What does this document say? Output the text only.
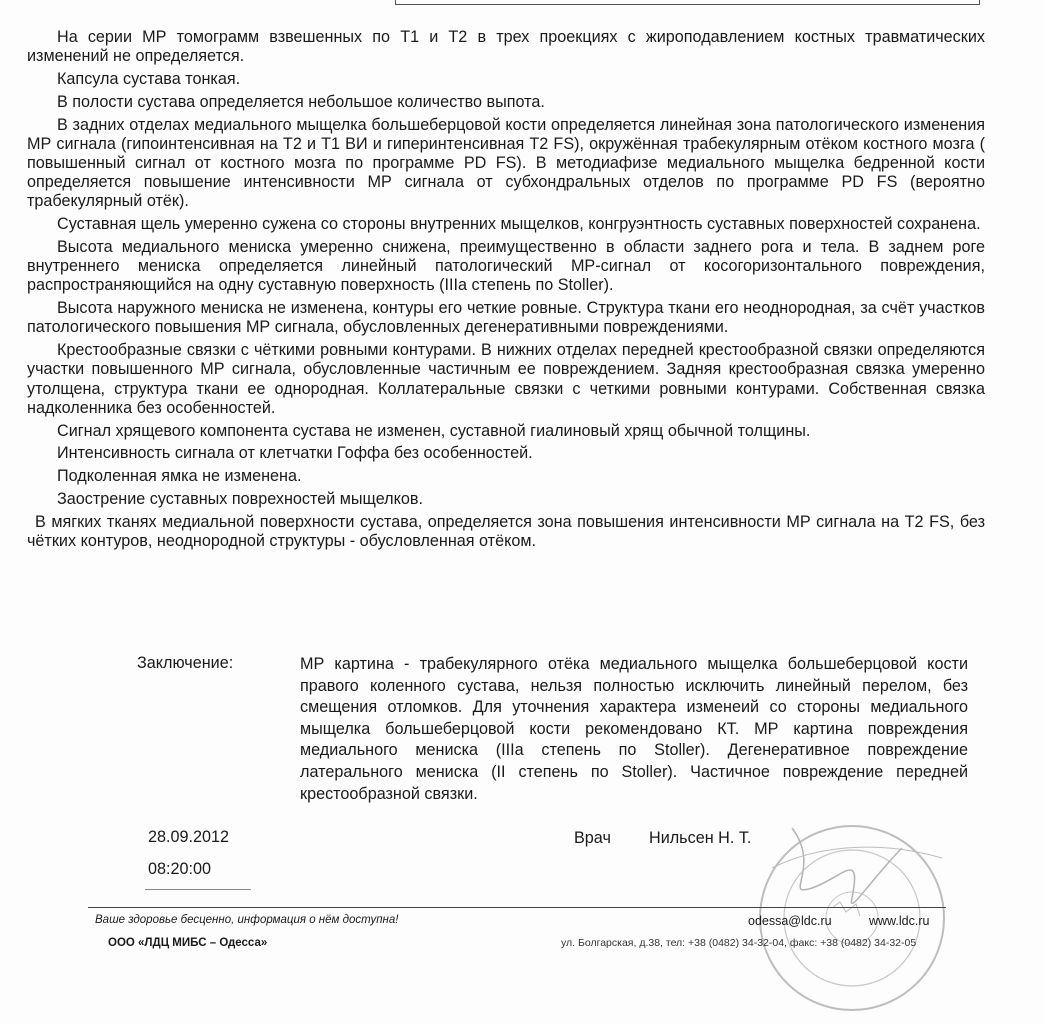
На серии МР томограмм взвешенных по Т1 и Т2 в трех проекциях с жироподавлением костных травматических изменений не определяется.

Капсула сустава тонкая.

В полости сустава определяется небольшое количество выпота.

В задних отделах медиального мыщелка большеберцовой кости определяется линейная зона патологического изменения МР сигнала (гипоинтенсивная на Т2 и Т1 ВИ и гиперинтенсивная Т2 FS), окружённая трабекулярным отёком костного мозга ( повышенный сигнал от костного мозга по программе PD FS). В методиафизе медиального мыщелка бедренной кости определяется повышение интенсивности МР сигнала от субхондральных отделов по программе PD FS (вероятно трабекулярный отёк).

Суставная щель умеренно сужена со стороны внутренних мыщелков, конгруэнтность суставных поверхностей сохранена.

Высота медиального мениска умеренно снижена, преимущественно в области заднего рога и тела. В заднем роге внутреннего мениска определяется линейный патологический МР-сигнал от косогоризонтального повреждения, распространяющийся на одну суставную поверхность (IIIa степень по Stoller).

Высота наружного мениска не изменена, контуры его четкие ровные. Структура ткани его неоднородная, за счёт участков патологического повышения МР сигнала, обусловленных дегенеративными повреждениями.

Крестообразные связки с чёткими ровными контурами. В нижних отделах передней крестообразной связки определяются участки повышенного МР сигнала, обусловленные частичным ее повреждением. Задняя крестообразная связка умеренно утолщена, структура ткани ее однородная. Коллатеральные связки с четкими ровными контурами. Собственная связка надколенника без особенностей.

Сигнал хрящевого компонента сустава не изменен, суставной гиалиновый хрящ обычной толщины.

Интенсивность сигнала от клетчатки Гоффа без особенностей.

Подколенная ямка не изменена.

Заострение суставных поврехностей мыщелков.

В мягких тканях медиальной поверхности сустава, определяется зона повышения интенсивности МР сигнала на Т2 FS, без чётких контуров, неоднородной структуры - обусловленная отёком.

Заключение:	МР картина - трабекулярного отёка медиального мыщелка большеберцовой кости правого коленного сустава, нельзя полностью исключить линейный перелом, без смещения отломков. Для уточнения характера изменеий со стороны медиального мыщелка большеберцовой кости рекомендовано КТ. МР картина повреждения медиального мениска (IIIa степень по Stoller). Дегенеративное повреждение латерального мениска (II степень по Stoller). Частичное повреждение передней крестообразной связки.

28.09.2012
08:20:00
Врач Нильсен Н. Т.
Ваше здоровье бесценно, информация о нём доступна!
ООО «ЛДЦ МИБС – Одесса»
odessa@ldc.ru	www.ldc.ru
ул. Болгарская, д.38, тел: +38 (0482) 34-32-04, факс: +38 (0482) 34-32-05
